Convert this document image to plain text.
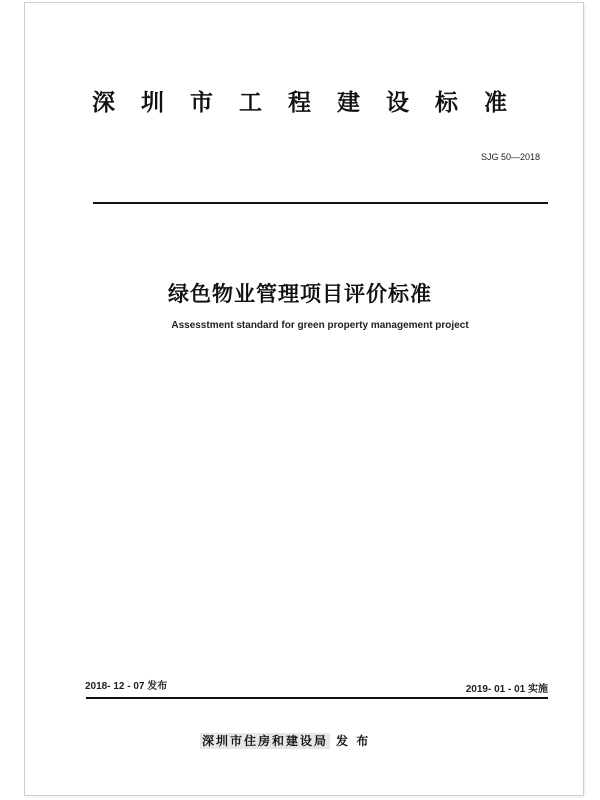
深圳市工程建设标准
SJG 50—2018
绿色物业管理项目评价标准
Assesstment standard for green property management project
2018- 12 - 07 发布	2019- 01 - 01 实施
深圳市住房和建设局 发 布
